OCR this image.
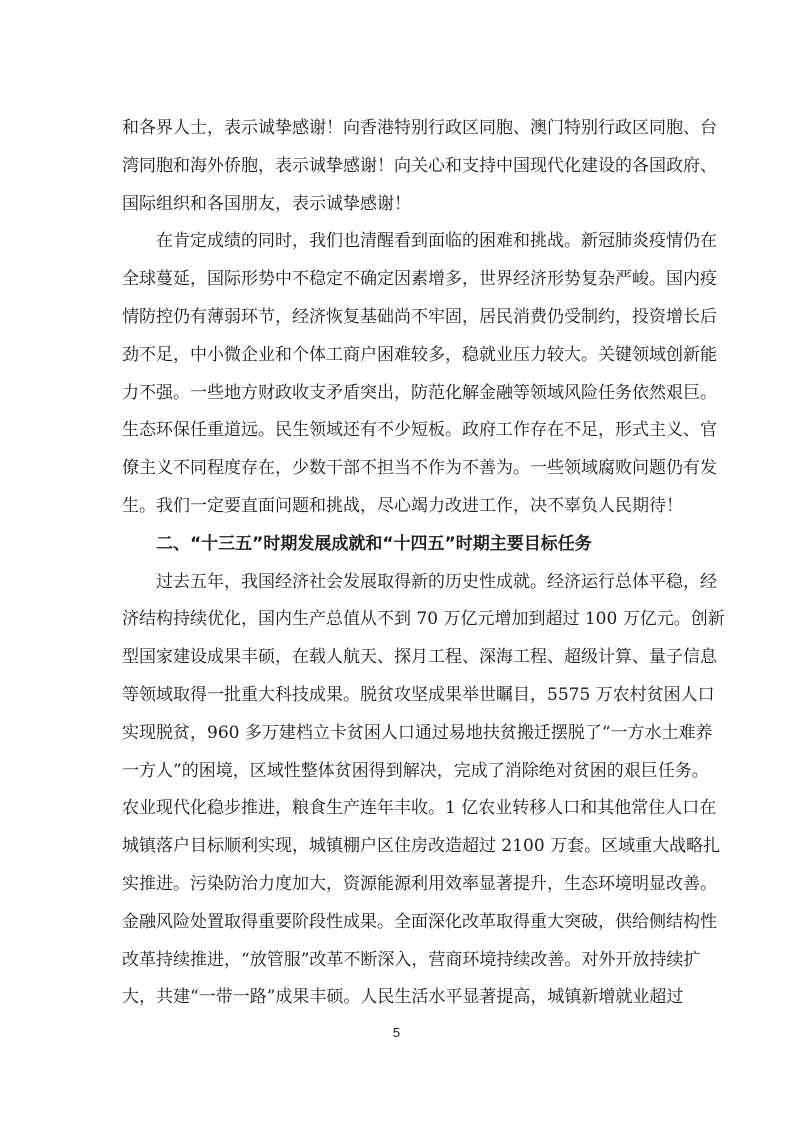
和各界人士，表示诚挚感谢！向香港特别行政区同胞、澳门特别行政区同胞、台
湾同胞和海外侨胞，表示诚挚感谢！向关心和支持中国现代化建设的各国政府、
国际组织和各国朋友，表示诚挚感谢！
在肯定成绩的同时，我们也清醒看到面临的困难和挑战。新冠肺炎疫情仍在
全球蔓延，国际形势中不稳定不确定因素增多，世界经济形势复杂严峻。国内疫
情防控仍有薄弱环节，经济恢复基础尚不牢固，居民消费仍受制约，投资增长后
劲不足，中小微企业和个体工商户困难较多，稳就业压力较大。关键领域创新能
力不强。一些地方财政收支矛盾突出，防范化解金融等领域风险任务依然艰巨。
生态环保任重道远。民生领域还有不少短板。政府工作存在不足，形式主义、官
僚主义不同程度存在，少数干部不担当不作为不善为。一些领域腐败问题仍有发
生。我们一定要直面问题和挑战，尽心竭力改进工作，决不辜负人民期待！
二、“十三五”时期发展成就和“十四五”时期主要目标任务
过去五年，我国经济社会发展取得新的历史性成就。经济运行总体平稳，经
济结构持续优化，国内生产总值从不到 70 万亿元增加到超过 100 万亿元。创新
型国家建设成果丰硕，在载人航天、探月工程、深海工程、超级计算、量子信息
等领域取得一批重大科技成果。脱贫攻坚成果举世瞩目，5575 万农村贫困人口
实现脱贫，960 多万建档立卡贫困人口通过易地扶贫搬迁摆脱了“一方水土难养
一方人”的困境，区域性整体贫困得到解决，完成了消除绝对贫困的艰巨任务。
农业现代化稳步推进，粮食生产连年丰收。1 亿农业转移人口和其他常住人口在
城镇落户目标顺利实现，城镇棚户区住房改造超过 2100 万套。区域重大战略扎
实推进。污染防治力度加大，资源能源利用效率显著提升，生态环境明显改善。
金融风险处置取得重要阶段性成果。全面深化改革取得重大突破，供给侧结构性
改革持续推进，“放管服”改革不断深入，营商环境持续改善。对外开放持续扩
大，共建“一带一路”成果丰硕。人民生活水平显著提高，城镇新增就业超过
5
